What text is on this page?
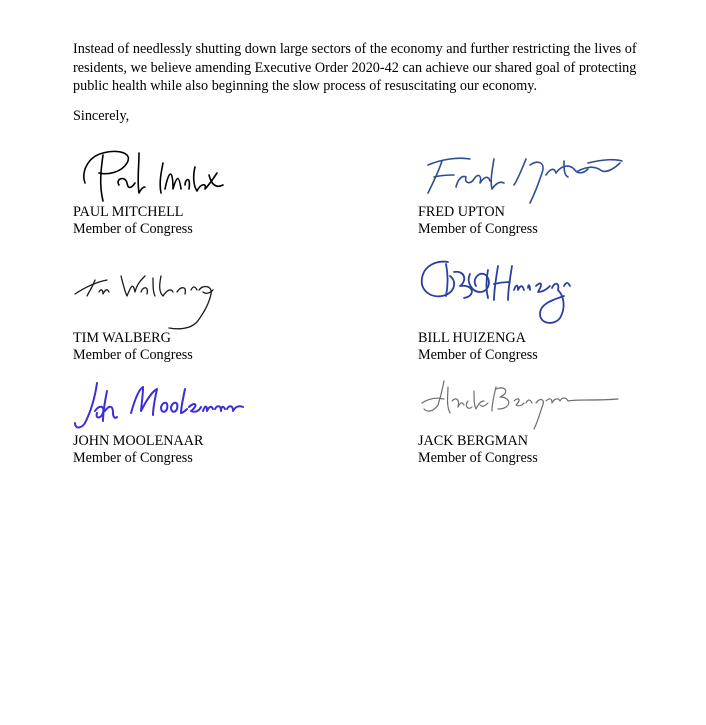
Instead of needlessly shutting down large sectors of the economy and further restricting the lives of residents, we believe amending Executive Order 2020-42 can achieve our shared goal of protecting public health while also beginning the slow process of resuscitating our economy.

Sincerely,
PAUL MITCHELL
Member of Congress
FRED UPTON
Member of Congress
TIM WALBERG
Member of Congress
BILL HUIZENGA
Member of Congress
JOHN MOOLENAAR
Member of Congress
JACK BERGMAN
Member of Congress
